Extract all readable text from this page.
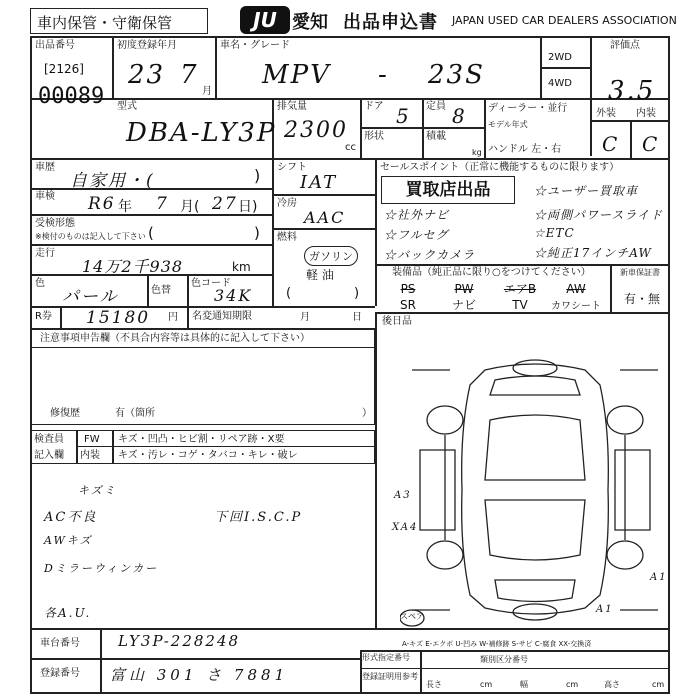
車内保管・守衛保管	JU 愛知 出品申込書 JAPAN USED CAR DEALERS ASSOCIATION
出品番号
[2126]
00089
初度登録年月
23 7
月
車名・グレード
MPV - 23S
2WD
4WD
評価点
3.5
型式
DBA-LY3P
排気量
2300
cc
ドア 5 定員 8
形状	積載
kg
ディーラー・並行
モデル年式
ハンドル 左・右
外装 内装
C C
車歴
自家用・(	)
車検 R6 年 7 月( 27 日)
受検形態
※検付のものは記入して下さい (	)
走行
14万2千938	km
色
パール	色替
色コード
34K
シフト
IAT
冷房
AAC
燃料
ガソリン
軽 油
(	)
セールスポイント（正常に機能するものに限ります）
買取店出品
☆社外ナビ
☆ユーザー買取車
☆フルセグ
☆両側パワースライド
☆バックカメラ
☆ETC
☆純正17インチAW
装備品（純正品に限り○をつけてください）
PS	PW	エアB	AW
SR	ナビ	TV カワシート
新車保証書
有・無
後日品
R券 15180 円 名変通知期限	月	日
注意事項申告欄（不具合内容等は具体的に記入して下さい）
修復歴	有（箇所	）
検査員
記入欄
FW キズ・凹凸・ヒビ割・リペア跡・X要
内装 キズ・汚レ・コゲ・タバコ・キレ・破レ
キズミ
AC不良
AWキズ
Dミラーウィンカー
各A.U.
下回I.S.C.P
A3
XA4
A1
A1
スペア
A-キズ E-エクボ U-凹み W-補修跡 S-サビ C-腐食 XX-交換済
車台番号	LY3P-228248
登録番号 富山 301 さ 7881
形式指定番号	類別区分番号
登録証明用参考
長さ	cm	幅	cm	高さ	cm
